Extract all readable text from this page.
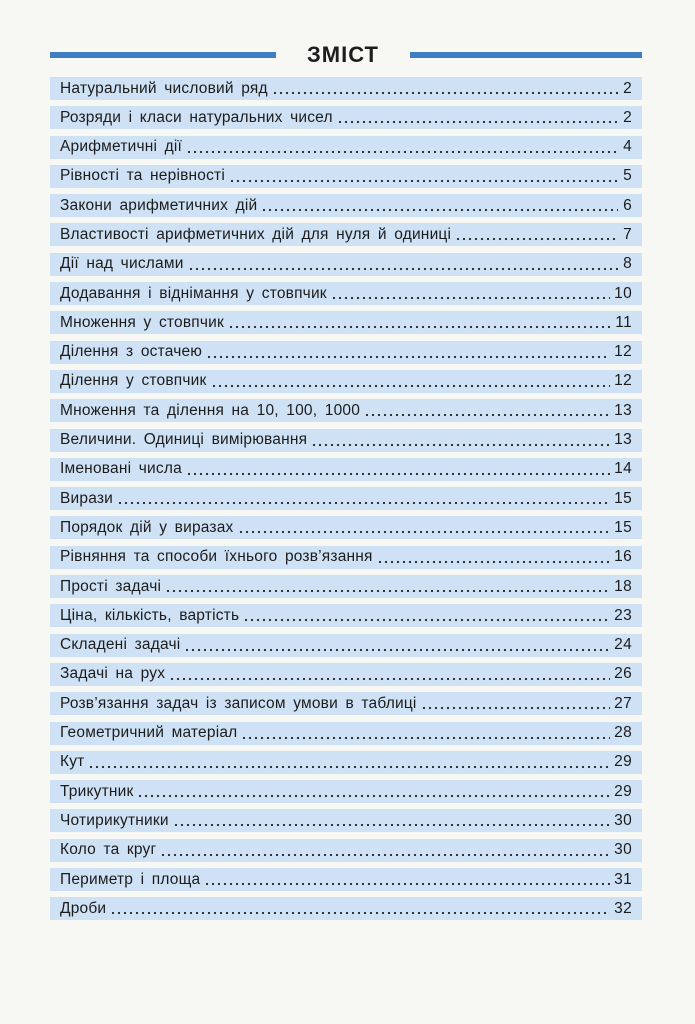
ЗМІСТ
Натуральний числовий ряд	2
Розряди і класи натуральних чисел	2
Арифметичні дії	4
Рівності та нерівності	5
Закони арифметичних дій	6
Властивості арифметичних дій для нуля й одиниці	7
Дії над числами	8
Додавання і віднімання у стовпчик	10
Множення у стовпчик	11
Ділення з остачею	12
Ділення у стовпчик	12
Множення та ділення на 10, 100, 1000	13
Величини. Одиниці вимірювання	13
Іменовані числа	14
Вирази	15
Порядок дій у виразах	15
Рівняння та способи їхнього розв’язання	16
Прості задачі	18
Ціна, кількість, вартість	23
Складені задачі	24
Задачі на рух	26
Розв’язання задач із записом умови в таблиці	27
Геометричний матеріал	28
Кут	29
Трикутник	29
Чотирикутники	30
Коло та круг	30
Периметр і площа	31
Дроби	32
